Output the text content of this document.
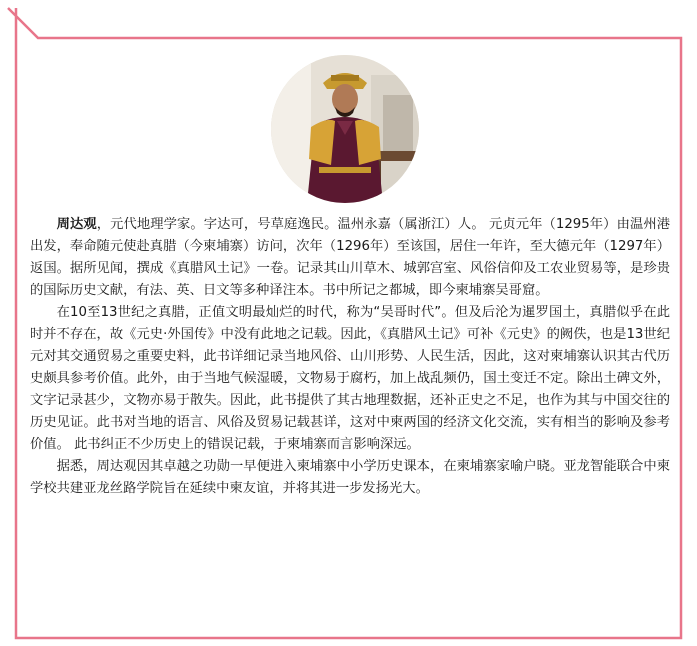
周达观，元代地理学家。字达可，号草庭逸民。温州永嘉（属浙江）人。 元贞元年（1295年）由温州港出发，奉命随元使赴真腊（今柬埔寨）访问，次年（1296年）至该国，居住一年许，至大德元年（1297年）返国。据所见闻，撰成《真腊风土记》一卷。记录其山川草木、城郭宫室、风俗信仰及工农业贸易等，是珍贵的国际历史文献，有法、英、日文等多种译注本。书中所记之都城，即今柬埔寨吴哥窟。

在10至13世纪之真腊，正值文明最灿烂的时代，称为“吴哥时代”。但及后沦为暹罗国土，真腊似乎在此时并不存在，故《元史·外国传》中没有此地之记载。因此，《真腊风土记》可补《元史》的阙佚，也是13世纪元对其交通贸易之重要史料，此书详细记录当地风俗、山川形势、人民生活，因此，这对柬埔寨认识其古代历史颇具参考价值。此外，由于当地气候湿暖，文物易于腐朽，加上战乱频仍，国土变迁不定。除出土碑文外，文字记录甚少，文物亦易于散失。因此，此书提供了其古地理数据，还补正史之不足，也作为其与中国交往的历史见证。此书对当地的语言、风俗及贸易记载甚详，这对中柬两国的经济文化交流，实有相当的影响及参考价值。 此书纠正不少历史上的错误记载，于柬埔寨而言影响深远。

据悉，周达观因其卓越之功勋一早便进入柬埔寨中小学历史课本，在柬埔寨家喻户晓。亚龙智能联合中柬学校共建亚龙丝路学院旨在延续中柬友谊，并将其进一步发扬光大。
